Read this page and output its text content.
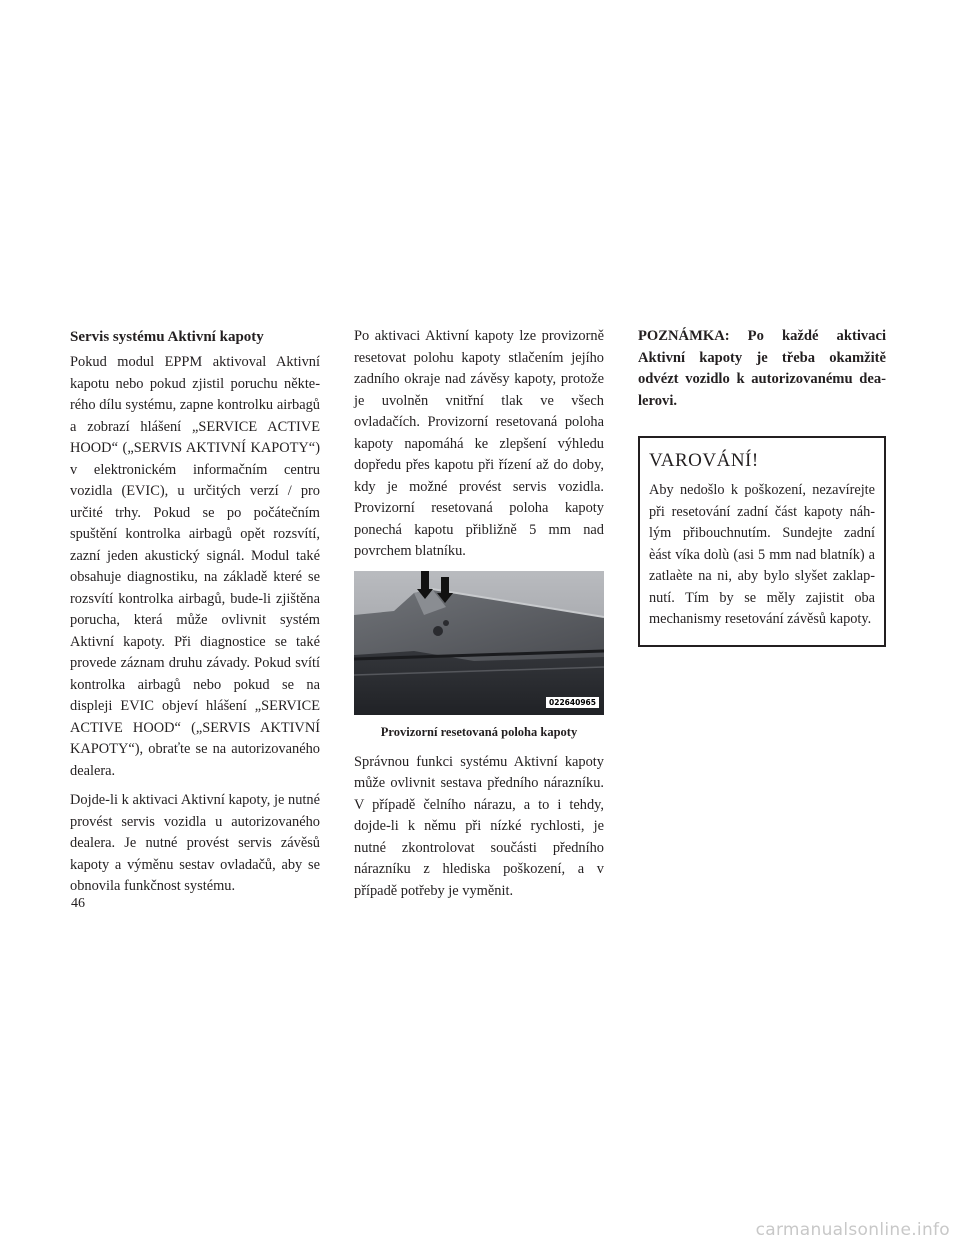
Servis systému Aktivní kapoty

Pokud modul EPPM aktivoval Aktivní kapotu nebo pokud zjistil poruchu některého dílu systému, zapne kontrolku airbagů a zobrazí hlášení „SERVICE ACTIVE HOOD“ („SERVIS AKTIVNÍ KAPOTY“) v elektronickém informačním centru vozidla (EVIC), u určitých verzí / pro určité trhy. Pokud se po počátečním spuštění kontrolka airbagů opět rozsvítí, zazní jeden akustický signál. Modul také obsahuje diagnostiku, na základě které se rozsvítí kontrolka airbagů, bude-li zjištěna porucha, která může ovlivnit systém Aktivní kapoty. Při diagnostice se také provede záznam druhu závady. Pokud svítí kontrolka airbagů nebo pokud se na displeji EVIC objeví hlášení „SERVICE ACTIVE HOOD“ („SERVIS AKTIVNÍ KAPOTY“), obraťte se na autorizovaného dealera.

Dojde-li k aktivaci Aktivní kapoty, je nutné provést servis vozidla u autorizovaného dealera. Je nutné provést servis závěsů kapoty a výměnu sestav ovladačů, aby se obnovila funkčnost systému.

Po aktivaci Aktivní kapoty lze provizorně resetovat polohu kapoty stlačením jejího zadního okraje nad závěsy kapoty, protože je uvolněn vnitřní tlak ve všech ovladačích. Provizorní resetovaná poloha kapoty napomáhá ke zlepšení výhledu dopředu přes kapotu při řízení až do doby, kdy je možné provést servis vozidla. Provizorní resetovaná poloha kapoty ponechá kapotu přibližně 5 mm nad povrchem blatníku.

022640965
Provizorní resetovaná poloha kapoty

Správnou funkci systému Aktivní kapoty může ovlivnit sestava předního nárazníku. V případě čelního nárazu, a to i tehdy, dojde-li k němu při nízké rychlosti, je nutné zkontrolovat součásti předního nárazníku z hlediska poškození, a v případě potřeby je vyměnit.

POZNÁMKA: Po každé aktivaci Aktivní kapoty je třeba okamžitě odvézt vozidlo k autorizovanému dealerovi.

VAROVÁNÍ!

Aby nedošlo k poškození, nezavírejte při resetování zadní část kapoty náhlým přibouchnutím. Sundejte zadní èást víka dolù (asi 5 mm nad blatník) a zatlaète na ni, aby bylo slyšet zaklapnutí. Tím by se měly zajistit oba mechanismy resetování závěsů kapoty.

46
carmanualsonline.info
